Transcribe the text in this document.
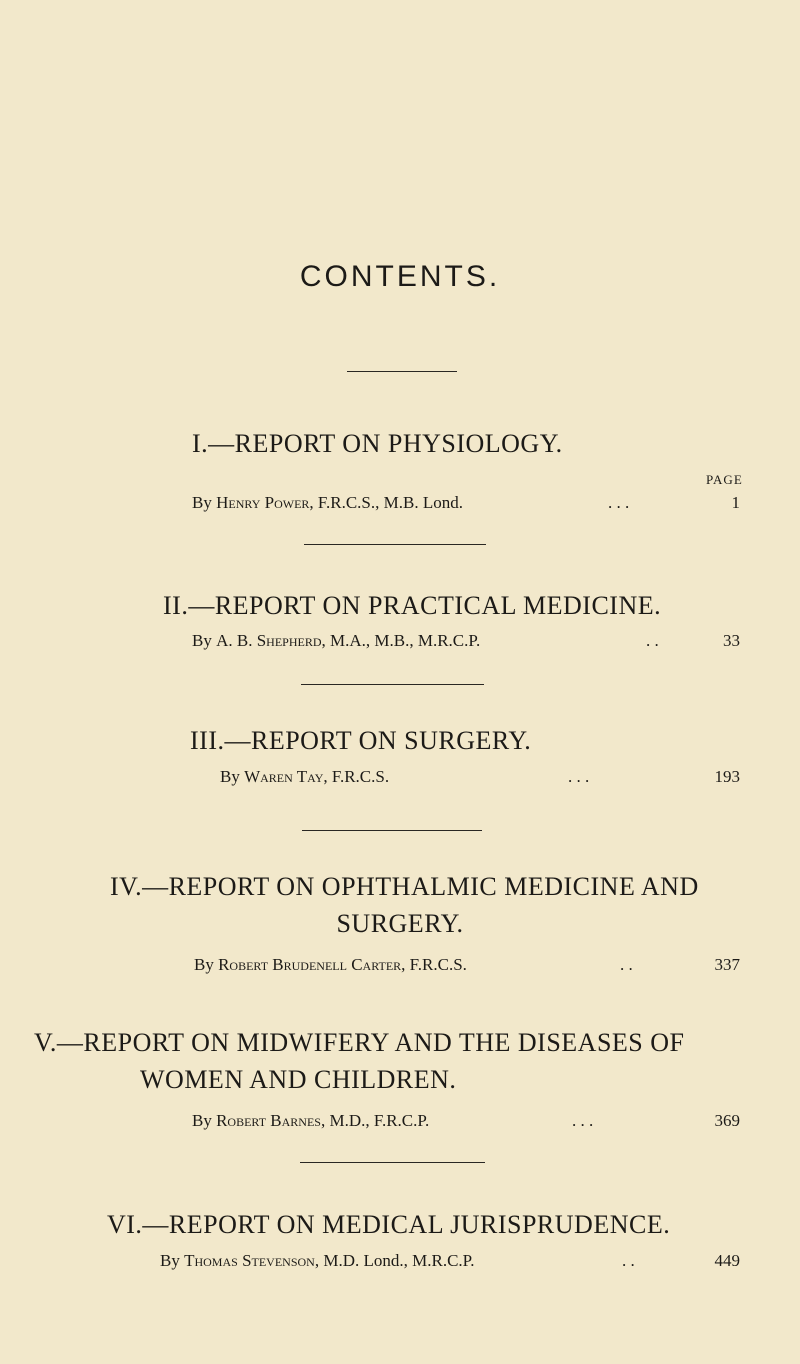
CONTENTS.
I.—REPORT ON PHYSIOLOGY.
PAGE
By Henry Power, F.R.C.S., M.B. Lond.	. . .	1
II.—REPORT ON PRACTICAL MEDICINE.
By A. B. Shepherd, M.A., M.B., M.R.C.P.	. .	33
III.—REPORT ON SURGERY.
By Waren Tay, F.R.C.S.	. . .	193
IV.—REPORT ON OPHTHALMIC MEDICINE AND
SURGERY.
By Robert Brudenell Carter, F.R.C.S.	. .	337
V.—REPORT ON MIDWIFERY AND THE DISEASES OF
WOMEN AND CHILDREN.
By Robert Barnes, M.D., F.R.C.P.	. . .	369
VI.—REPORT ON MEDICAL JURISPRUDENCE.
By Thomas Stevenson, M.D. Lond., M.R.C.P.	. .	449
